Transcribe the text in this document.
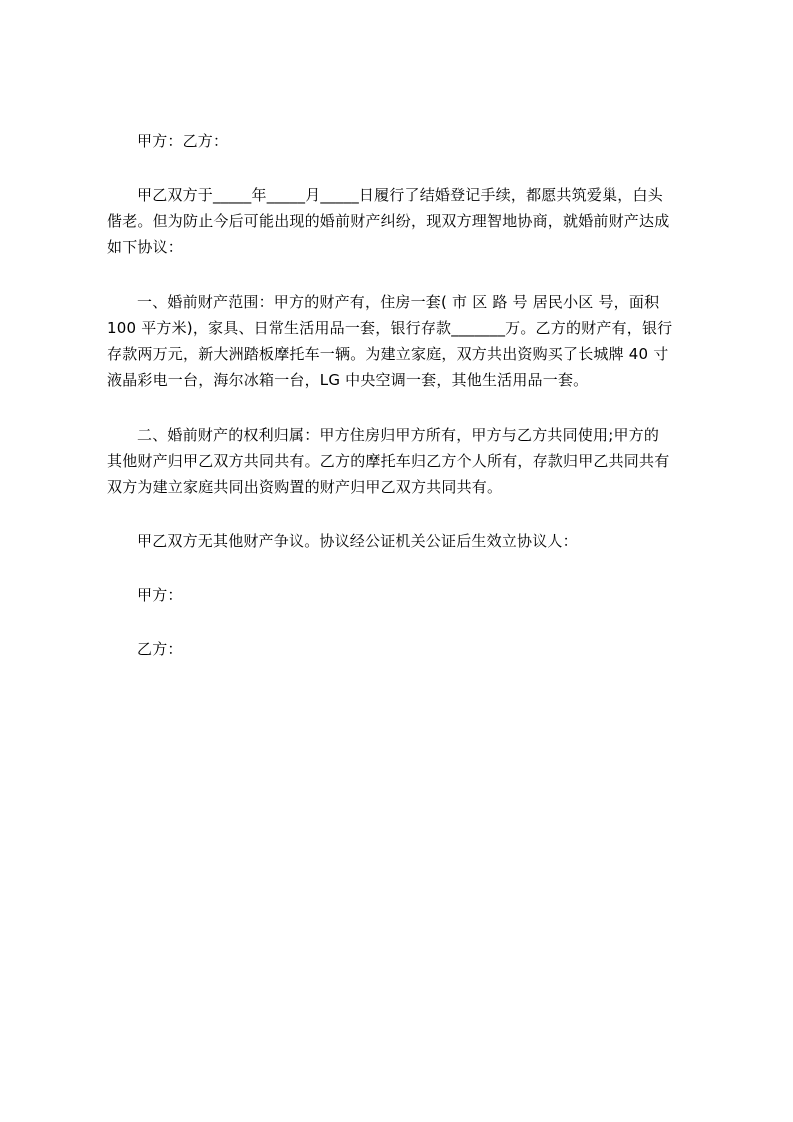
甲方：乙方：
甲乙双方于_____年_____月_____日履行了结婚登记手续，都愿共筑爱巢，白头
偕老。但为防止今后可能出现的婚前财产纠纷，现双方理智地协商，就婚前财产达成
如下协议：
一、婚前财产范围：甲方的财产有，住房一套( 市 区 路 号 居民小区 号，面积
100 平方米)，家具、日常生活用品一套，银行存款_______万。乙方的财产有，银行
存款两万元，新大洲踏板摩托车一辆。为建立家庭，双方共出资购买了长城牌 40 寸
液晶彩电一台，海尔冰箱一台，LG 中央空调一套，其他生活用品一套。
二、婚前财产的权利归属：甲方住房归甲方所有，甲方与乙方共同使用;甲方的
其他财产归甲乙双方共同共有。乙方的摩托车归乙方个人所有，存款归甲乙共同共有
双方为建立家庭共同出资购置的财产归甲乙双方共同共有。
甲乙双方无其他财产争议。协议经公证机关公证后生效立协议人：
甲方：
乙方：
